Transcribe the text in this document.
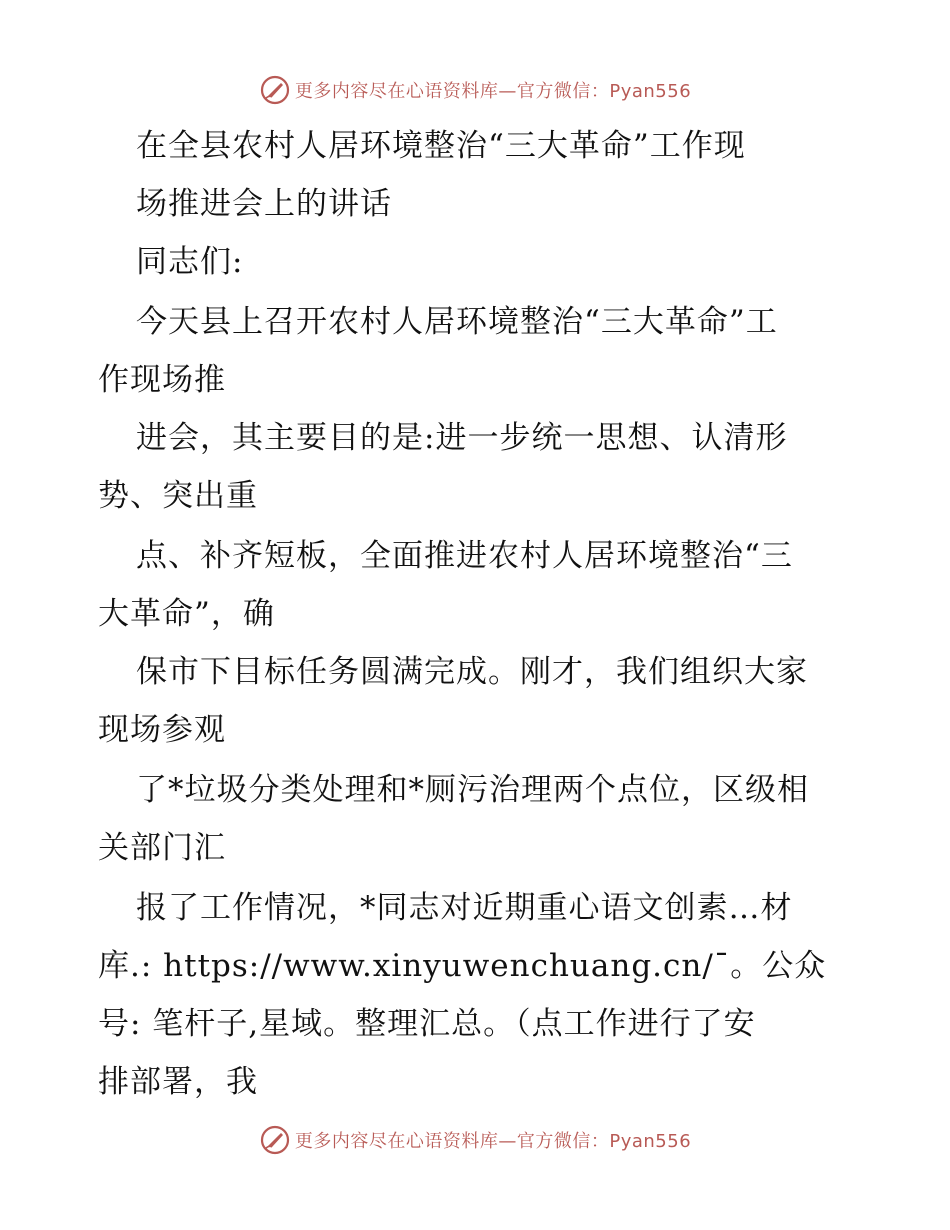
更多内容尽在心语资料库—官方微信：Pyan556
在全县农村人居环境整治“三大革命”工作现
场推进会上的讲话
同志们:
今天县上召开农村人居环境整治“三大革命”工
作现场推
进会，其主要目的是:进一步统一思想、认清形
势、突出重
点、补齐短板，全面推进农村人居环境整治“三
大革命”，确
保市下目标任务圆满完成。刚才，我们组织大家
现场参观
了*垃圾分类处理和*厕污治理两个点位，区级相
关部门汇
报了工作情况，*同志对近期重心语文创素…材
库.: https://www.xinyuwenchuang.cn/¯。公众
号: 笔杆子,星域。整理汇总。（点工作进行了安
排部署，我
更多内容尽在心语资料库—官方微信：Pyan556
